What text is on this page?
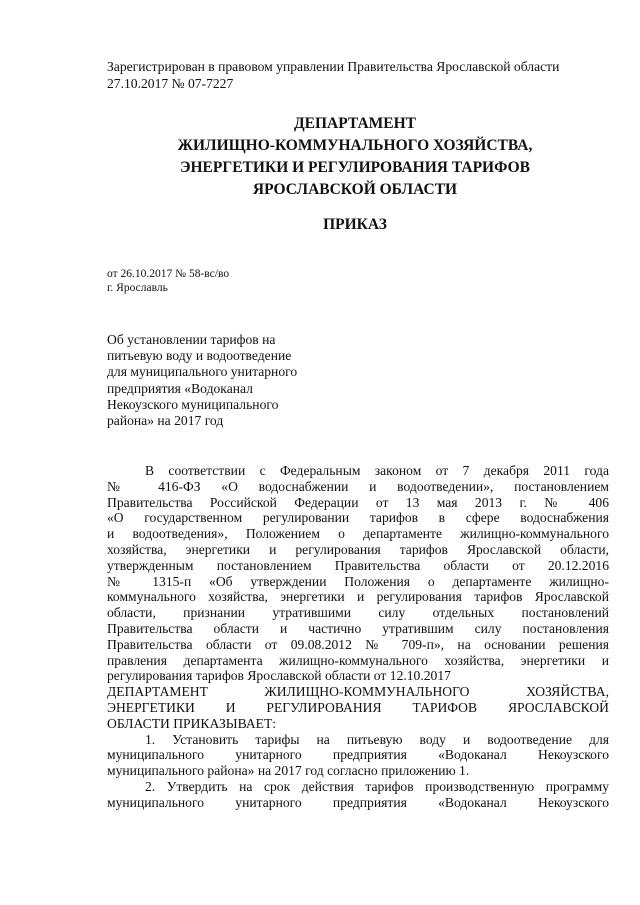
Зарегистрирован в правовом управлении Правительства Ярославской области
27.10.2017 № 07-7227
ДЕПАРТАМЕНТ
ЖИЛИЩНО-КОММУНАЛЬНОГО ХОЗЯЙСТВА,
ЭНЕРГЕТИКИ И РЕГУЛИРОВАНИЯ ТАРИФОВ
ЯРОСЛАВСКОЙ ОБЛАСТИ
ПРИКАЗ
от 26.10.2017 № 58-вс/во
г. Ярославль
Об установлении тарифов на
питьевую воду и водоотведение
для муниципального унитарного
предприятия «Водоканал
Некоузского муниципального
района» на 2017 год
В соответствии с Федеральным законом от 7 декабря 2011 года
№ 416-ФЗ «О водоснабжении и водоотведении», постановлением
Правительства Российской Федерации от 13 мая 2013 г. № 406
«О государственном регулировании тарифов в сфере водоснабжения
и водоотведения», Положением о департаменте жилищно-коммунального
хозяйства, энергетики и регулирования тарифов Ярославской области,
утвержденным постановлением Правительства области от 20.12.2016
№ 1315-п «Об утверждении Положения о департаменте жилищно-
коммунального хозяйства, энергетики и регулирования тарифов Ярославской
области, признании утратившими силу отдельных постановлений
Правительства области и частично утратившим силу постановления
Правительства области от 09.08.2012 № 709-п», на основании решения
правления департамента жилищно-коммунального хозяйства, энергетики и
регулирования тарифов Ярославской области от 12.10.2017
ДЕПАРТАМЕНТ ЖИЛИЩНО-КОММУНАЛЬНОГО ХОЗЯЙСТВА,
ЭНЕРГЕТИКИ И РЕГУЛИРОВАНИЯ ТАРИФОВ ЯРОСЛАВСКОЙ
ОБЛАСТИ ПРИКАЗЫВАЕТ:
1. Установить тарифы на питьевую воду и водоотведение для
муниципального унитарного предприятия «Водоканал Некоузского
муниципального района» на 2017 год согласно приложению 1.
2. Утвердить на срок действия тарифов производственную программу
муниципального унитарного предприятия «Водоканал Некоузского
